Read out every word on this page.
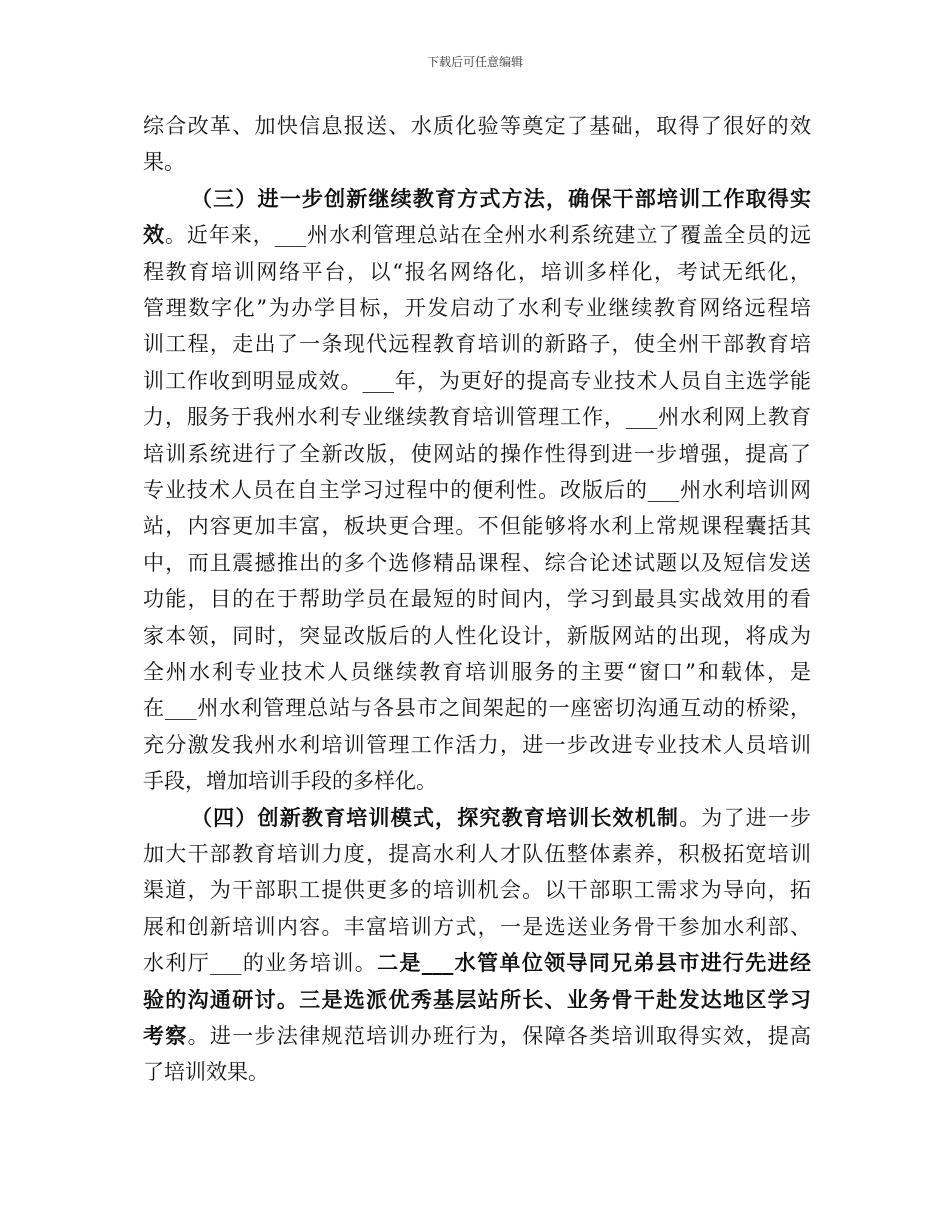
下载后可任意编辑
综合改革、加快信息报送、水质化验等奠定了基础，取得了很好的效
果。
（三）进一步创新继续教育方式方法，确保干部培训工作取得实
效。近年来，___州水利管理总站在全州水利系统建立了覆盖全员的远
程教育培训网络平台，以“报名网络化，培训多样化，考试无纸化，
管理数字化”为办学目标，开发启动了水利专业继续教育网络远程培
训工程，走出了一条现代远程教育培训的新路子，使全州干部教育培
训工作收到明显成效。___年，为更好的提高专业技术人员自主选学能
力，服务于我州水利专业继续教育培训管理工作，___州水利网上教育
培训系统进行了全新改版，使网站的操作性得到进一步增强，提高了
专业技术人员在自主学习过程中的便利性。改版后的___州水利培训网
站，内容更加丰富，板块更合理。不但能够将水利上常规课程囊括其
中，而且震撼推出的多个选修精品课程、综合论述试题以及短信发送
功能，目的在于帮助学员在最短的时间内，学习到最具实战效用的看
家本领，同时，突显改版后的人性化设计，新版网站的出现，将成为
全州水利专业技术人员继续教育培训服务的主要“窗口”和载体，是
在___州水利管理总站与各县市之间架起的一座密切沟通互动的桥梁，
充分激发我州水利培训管理工作活力，进一步改进专业技术人员培训
手段，增加培训手段的多样化。
（四）创新教育培训模式，探究教育培训长效机制。为了进一步
加大干部教育培训力度，提高水利人才队伍整体素养，积极拓宽培训
渠道，为干部职工提供更多的培训机会。以干部职工需求为导向，拓
展和创新培训内容。丰富培训方式，一是选送业务骨干参加水利部、
水利厅___的业务培训。二是___水管单位领导同兄弟县市进行先进经
验的沟通研讨。三是选派优秀基层站所长、业务骨干赴发达地区学习
考察。进一步法律规范培训办班行为，保障各类培训取得实效，提高
了培训效果。
